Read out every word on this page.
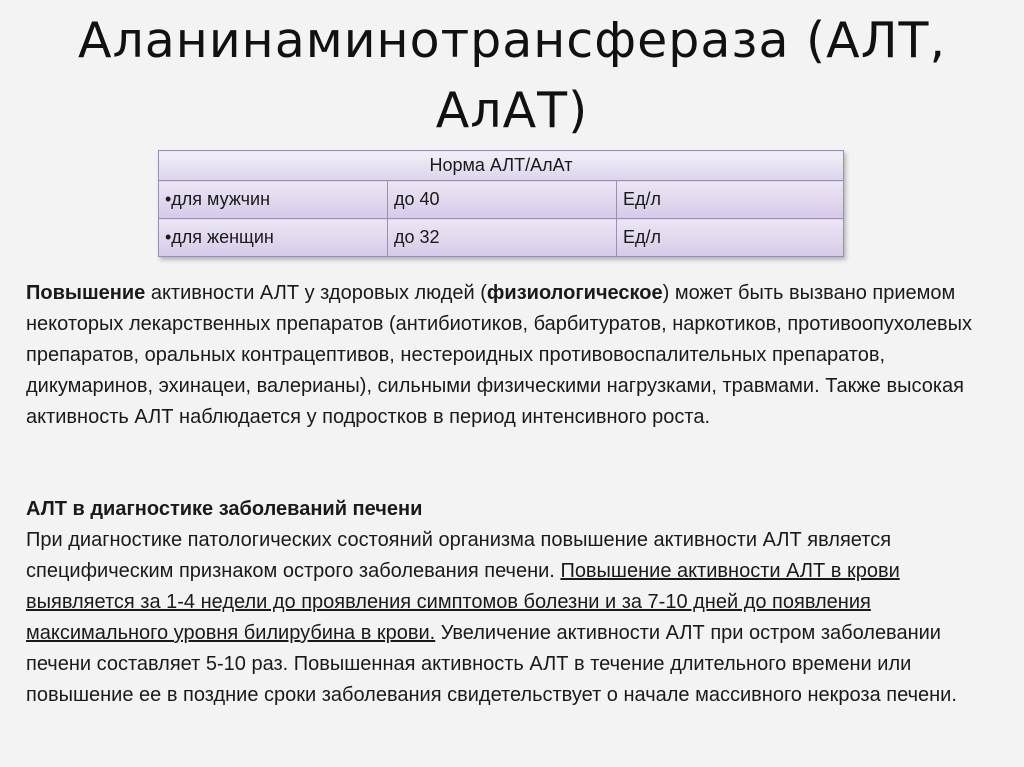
Аланинаминотрансфераза (АЛТ, АлАТ)
Норма АЛТ/АлАт		
•для мужчин	до 40	Ед/л
•для женщин	до 32	Ед/л

Повышение активности АЛТ у здоровых людей (физиологическое) может быть вызвано приемом некоторых лекарственных препаратов (антибиотиков, барбитуратов, наркотиков, противоопухолевых препаратов, оральных контрацептивов, нестероидных противовоспалительных препаратов, дикумаринов, эхинацеи, валерианы), сильными физическими нагрузками, травмами. Также высокая активность АЛТ наблюдается у подростков в период интенсивного роста.

АЛТ в диагностике заболеваний печени
При диагностике патологических состояний организма повышение активности АЛТ является специфическим признаком острого заболевания печени. Повышение активности АЛТ в крови выявляется за 1-4 недели до проявления симптомов болезни и за 7-10 дней до появления максимального уровня билирубина в крови. Увеличение активности АЛТ при остром заболевании печени составляет 5-10 раз. Повышенная активность АЛТ в течение длительного времени или повышение ее в поздние сроки заболевания свидетельствует о начале массивного некроза печени.
